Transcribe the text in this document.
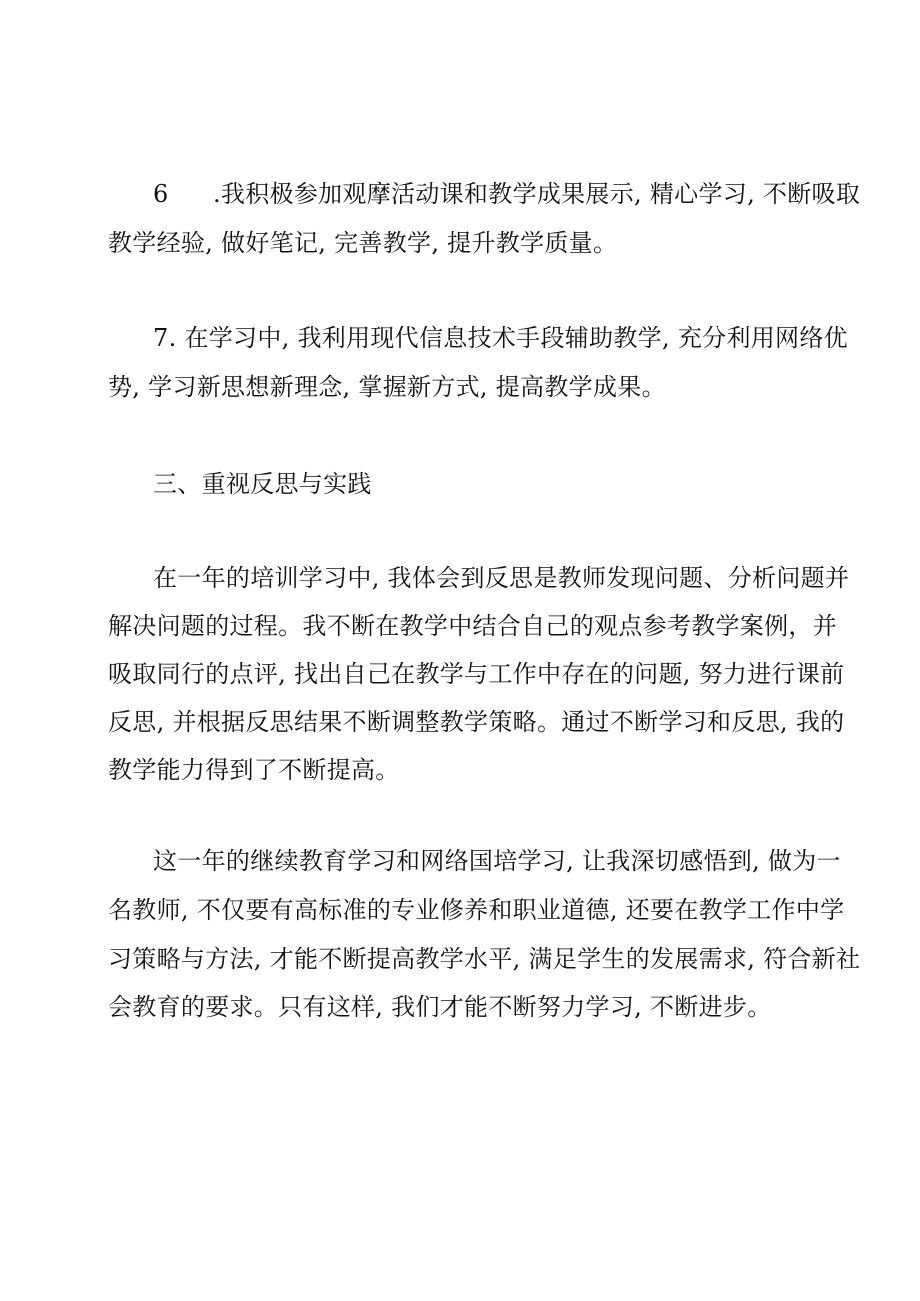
6 .我积极参加观摩活动课和教学成果展示, 精心学习, 不断吸取
教学经验, 做好笔记, 完善教学, 提升教学质量。
7. 在学习中, 我利用现代信息技术手段辅助教学, 充分利用网络优
势, 学习新思想新理念, 掌握新方式, 提高教学成果。
三、重视反思与实践
在一年的培训学习中, 我体会到反思是教师发现问题、分析问题并
解决问题的过程。我不断在教学中结合自己的观点参考教学案例，并
吸取同行的点评, 找出自己在教学与工作中存在的问题, 努力进行课前
反思, 并根据反思结果不断调整教学策略。通过不断学习和反思, 我的
教学能力得到了不断提高。
这一年的继续教育学习和网络国培学习, 让我深切感悟到, 做为一
名教师, 不仅要有高标准的专业修养和职业道德, 还要在教学工作中学
习策略与方法, 才能不断提高教学水平, 满足学生的发展需求, 符合新社
会教育的要求。只有这样, 我们才能不断努力学习, 不断进步。
